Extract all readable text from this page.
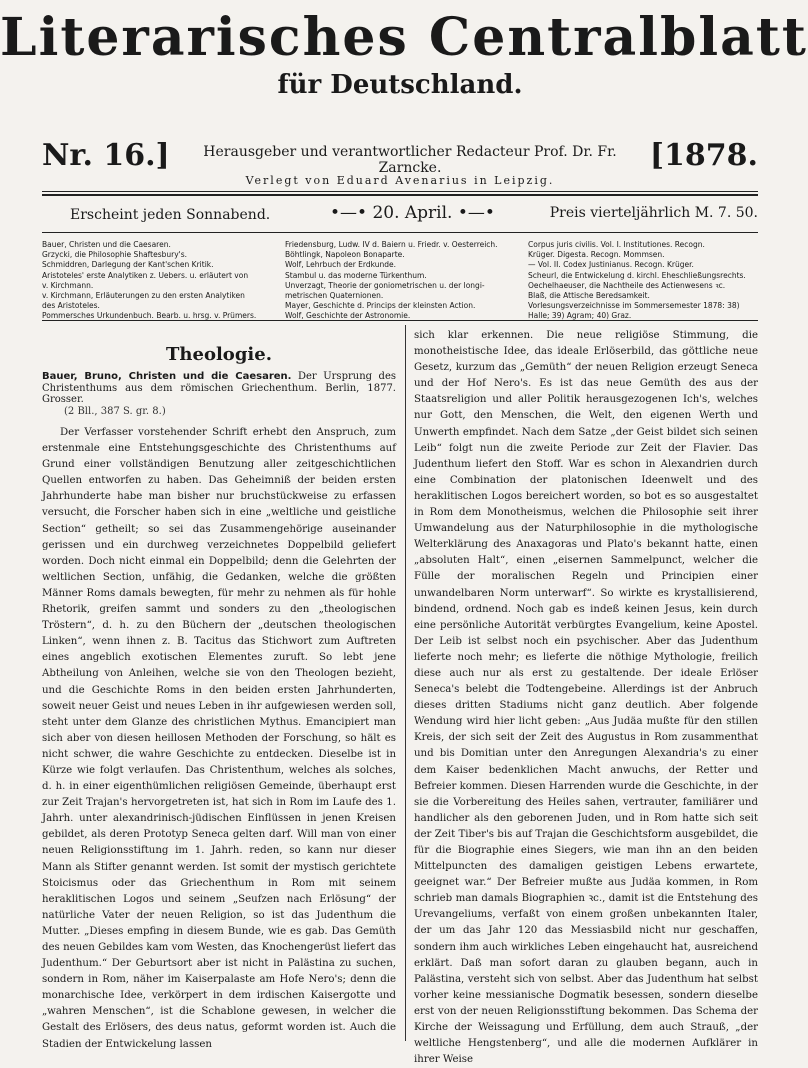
Literarisches Centralblatt
für Deutschland.
Nr. 16.]	Herausgeber und verantwortlicher Redacteur Prof. Dr. Fr. Zarncke.	[1878.
Verlegt von Eduard Avenarius in Leipzig.
Erscheint jeden Sonnabend.	•—• 20. April. •—•	Preis vierteljährlich M. 7. 50.
Bauer, Christen und die Caesaren.
Grzycki, die Philosophie Shaftesbury's.
Schmiddren, Darlegung der Kant'schen Kritik.
Aristoteles' erste Analytiken z. Uebers. u. erläutert von
v. Kirchmann.
v. Kirchmann, Erläuterungen zu den ersten Analytiken
des Aristoteles.
Pommersches Urkundenbuch. Bearb. u. hrsg. v. Prümers.
Friedensburg, Ludw. IV d. Baiern u. Friedr. v. Oesterreich.
Böhtlingk, Napoleon Bonaparte.
Wolf, Lehrbuch der Erdkunde.
Stambul u. das moderne Türkenthum.
Unverzagt, Theorie der goniometrischen u. der longi-
metrischen Quaternionen.
Mayer, Geschichte d. Princips der kleinsten Action.
Wolf, Geschichte der Astronomie.
Corpus juris civilis. Vol. I. Institutiones. Recogn.
Krüger. Digesta. Recogn. Mommsen.
— Vol. II. Codex Justinianus. Recogn. Krüger.
Scheurl, die Entwickelung d. kirchl. Eheschließungsrechts.
Oechelhaeuser, die Nachtheile des Actienwesens ꝛc.
Blaß, die Attische Beredsamkeit.
Vorlesungsverzeichnisse im Sommersemester 1878: 38)
Halle; 39) Agram; 40) Graz.
Theologie.
Bauer, Bruno, Christen und die Caesaren. Der Ursprung des Christenthums aus dem römischen Griechenthum. Berlin, 1877. Grosser.
(2 Bll., 387 S. gr. 8.)

Der Verfasser vorstehender Schrift erhebt den Anspruch, zum erstenmale eine Entstehungsgeschichte des Christenthums auf Grund einer vollständigen Benutzung aller zeitgeschichtlichen Quellen entworfen zu haben. Das Geheimniß der beiden ersten Jahrhunderte habe man bisher nur bruchstückweise zu erfassen versucht, die Forscher haben sich in eine „weltliche und geistliche Section“ getheilt; so sei das Zusammengehörige auseinander gerissen und ein durchweg verzeichnetes Doppelbild geliefert worden. Doch nicht einmal ein Doppelbild; denn die Gelehrten der weltlichen Section, unfähig, die Gedanken, welche die größten Männer Roms damals bewegten, für mehr zu nehmen als für hohle Rhetorik, greifen sammt und sonders zu den „theologischen Tröstern“, d. h. zu den Büchern der „deutschen theologischen Linken“, wenn ihnen z. B. Tacitus das Stichwort zum Auftreten eines angeblich exotischen Elementes zuruft. So lebt jene Abtheilung von Anleihen, welche sie von den Theologen bezieht, und die Geschichte Roms in den beiden ersten Jahrhunderten, soweit neuer Geist und neues Leben in ihr aufgewiesen werden soll, steht unter dem Glanze des christlichen Mythus. Emancipiert man sich aber von diesen heillosen Methoden der Forschung, so hält es nicht schwer, die wahre Geschichte zu entdecken. Dieselbe ist in Kürze wie folgt verlaufen. Das Christenthum, welches als solches, d. h. in einer eigenthümlichen religiösen Gemeinde, überhaupt erst zur Zeit Trajan's hervorgetreten ist, hat sich in Rom im Laufe des 1. Jahrh. unter alexandrinisch-jüdischen Einflüssen in jenen Kreisen gebildet, als deren Prototyp Seneca gelten darf. Will man von einer neuen Religionsstiftung im 1. Jahrh. reden, so kann nur dieser Mann als Stifter genannt werden. Ist somit der mystisch gerichtete Stoicismus oder das Griechenthum in Rom mit seinem heraklitischen Logos und seinem „Seufzen nach Erlösung“ der natürliche Vater der neuen Religion, so ist das Judenthum die Mutter. „Dieses empfing in diesem Bunde, wie es gab. Das Gemüth des neuen Gebildes kam vom Westen, das Knochengerüst liefert das Judenthum.“ Der Geburtsort aber ist nicht in Palästina zu suchen, sondern in Rom, näher im Kaiserpalaste am Hofe Nero's; denn die monarchische Idee, verkörpert in dem irdischen Kaisergotte und „wahren Menschen“, ist die Schablone gewesen, in welcher die Gestalt des Erlösers, des deus natus, geformt worden ist. Auch die Stadien der Entwickelung lassen

sich klar erkennen. Die neue religiöse Stimmung, die monotheistische Idee, das ideale Erlöserbild, das göttliche neue Gesetz, kurzum das „Gemüth“ der neuen Religion erzeugt Seneca und der Hof Nero's. Es ist das neue Gemüth des aus der Staatsreligion und aller Politik herausgezogenen Ich's, welches nur Gott, den Menschen, die Welt, den eigenen Werth und Unwerth empfindet. Nach dem Satze „der Geist bildet sich seinen Leib“ folgt nun die zweite Periode zur Zeit der Flavier. Das Judenthum liefert den Stoff. War es schon in Alexandrien durch eine Combination der platonischen Ideenwelt und des heraklitischen Logos bereichert worden, so bot es so ausgestaltet in Rom dem Monotheismus, welchen die Philosophie seit ihrer Umwandelung aus der Naturphilosophie in die mythologische Welterklärung des Anaxagoras und Plato's bekannt hatte, einen „absoluten Halt“, einen „eisernen Sammelpunct, welcher die Fülle der moralischen Regeln und Principien einer unwandelbaren Norm unterwarf“. So wirkte es krystallisierend, bindend, ordnend. Noch gab es indeß keinen Jesus, kein durch eine persönliche Autorität verbürgtes Evangelium, keine Apostel. Der Leib ist selbst noch ein psychischer. Aber das Judenthum lieferte noch mehr; es lieferte die nöthige Mythologie, freilich diese auch nur als erst zu gestaltende. Der ideale Erlöser Seneca's belebt die Todtengebeine. Allerdings ist der Anbruch dieses dritten Stadiums nicht ganz deutlich. Aber folgende Wendung wird hier licht geben: „Aus Judäa mußte für den stillen Kreis, der sich seit der Zeit des Augustus in Rom zusammenthat und bis Domitian unter den Anregungen Alexandria's zu einer dem Kaiser bedenklichen Macht anwuchs, der Retter und Befreier kommen. Diesen Harrenden wurde die Geschichte, in der sie die Vorbereitung des Heiles sahen, vertrauter, familiärer und handlicher als den geborenen Juden, und in Rom hatte sich seit der Zeit Tiber's bis auf Trajan die Geschichtsform ausgebildet, die für die Biographie eines Siegers, wie man ihn an den beiden Mittelpuncten des damaligen geistigen Lebens erwartete, geeignet war.“ Der Befreier mußte aus Judäa kommen, in Rom schrieb man damals Biographien ꝛc., damit ist die Entstehung des Urevangeliums, verfaßt von einem großen unbekannten Italer, der um das Jahr 120 das Messiasbild nicht nur geschaffen, sondern ihm auch wirkliches Leben eingehaucht hat, ausreichend erklärt. Daß man sofort daran zu glauben begann, auch in Palästina, versteht sich von selbst. Aber das Judenthum hat selbst vorher keine messianische Dogmatik besessen, sondern dieselbe erst von der neuen Religionsstiftung bekommen. Das Schema der Kirche der Weissagung und Erfüllung, dem auch Strauß, „der weltliche Hengstenberg“, und alle die modernen Aufklärer in ihrer Weise
